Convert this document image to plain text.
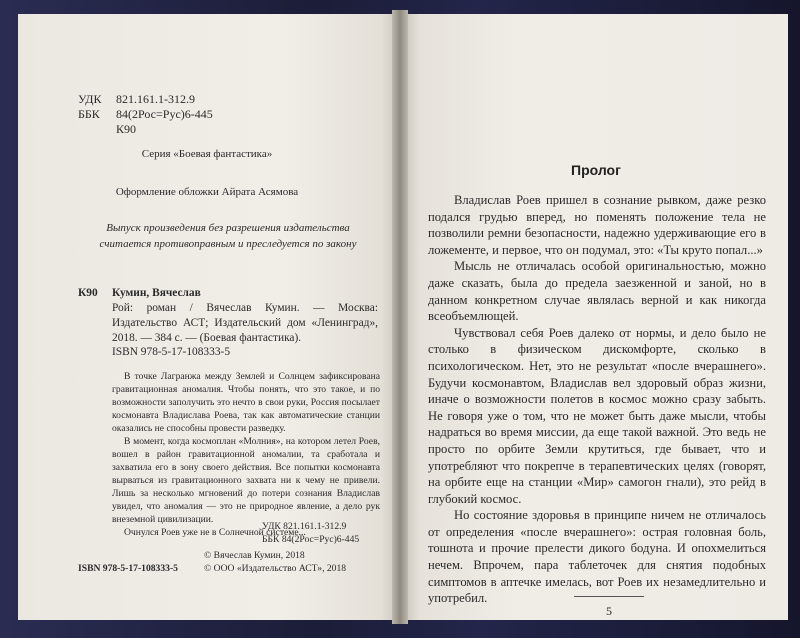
УДК 821.161.1-312.9
ББК 84(2Рос=Рус)6-445
К90
Серия «Боевая фантастика»
Оформление обложки Айрата Асямова
Выпуск произведения без разрешения издательства
считается противоправным и преследуется по закону
К90	Кумин, Вячеслав
Рой: роман / Вячеслав Кумин. — Москва: Издательство АСТ; Издательский дом «Ленинград», 2018. — 384 с. — (Боевая фантастика).
ISBN 978-5-17-108333-5

В точке Лагранжа между Землей и Солнцем зафиксирована гравитационная аномалия. Чтобы понять, что это такое, и по возможности заполучить это нечто в свои руки, Россия посылает космонавта Владислава Роева, так как автоматические станции оказались не способны провести разведку.

В момент, когда космоплан «Молния», на котором летел Роев, вошел в район гравитационной аномалии, та сработала и захватила его в зону своего действия. Все попытки космонавта вырваться из гравитационного захвата ни к чему не привели. Лишь за несколько мгновений до потери сознания Владислав увидел, что аномалия — это не природное явление, а дело рук внеземной цивилизации.

Очнулся Роев уже не в Солнечной системе...

УДК 821.161.1-312.9
ББК 84(2Рос=Рус)6-445
© Вячеслав Кумин, 2018
© ООО «Издательство АСТ», 2018
ISBN 978-5-17-108333-5
Пролог

Владислав Роев пришел в сознание рывком, даже резко подался грудью вперед, но поменять положение тела не позволили ремни безопасности, надежно удерживающие его в ложементе, и первое, что он подумал, это: «Ты круто попал...»

Мысль не отличалась особой оригинальностью, можно даже сказать, была до предела заезженной и заной, но в данном конкретном случае являлась верной и как никогда всеобъемлющей.

Чувствовал себя Роев далеко от нормы, и дело было не столько в физическом дискомфорте, сколько в психологическом. Нет, это не результат «после вчерашнего». Будучи космонавтом, Владислав вел здоровый образ жизни, иначе о возможности полетов в космос можно сразу забыть. Не говоря уже о том, что не может быть даже мысли, чтобы надраться во время миссии, да еще такой важной. Это ведь не просто по орбите Земли крутиться, где бывает, что и употребляют что покрепче в терапевтических целях (говорят, на орбите еще на станции «Мир» самогон гнали), это рейд в глубокий космос.

Но состояние здоровья в принципе ничем не отличалось от определения «после вчерашнего»: острая головная боль, тошнота и прочие прелести дикого бодуна. И опохмелиться нечем. Впрочем, пара таблеточек для снятия подобных симптомов в аптечке имелась, вот Роев их незамедлительно и употребил.

5
